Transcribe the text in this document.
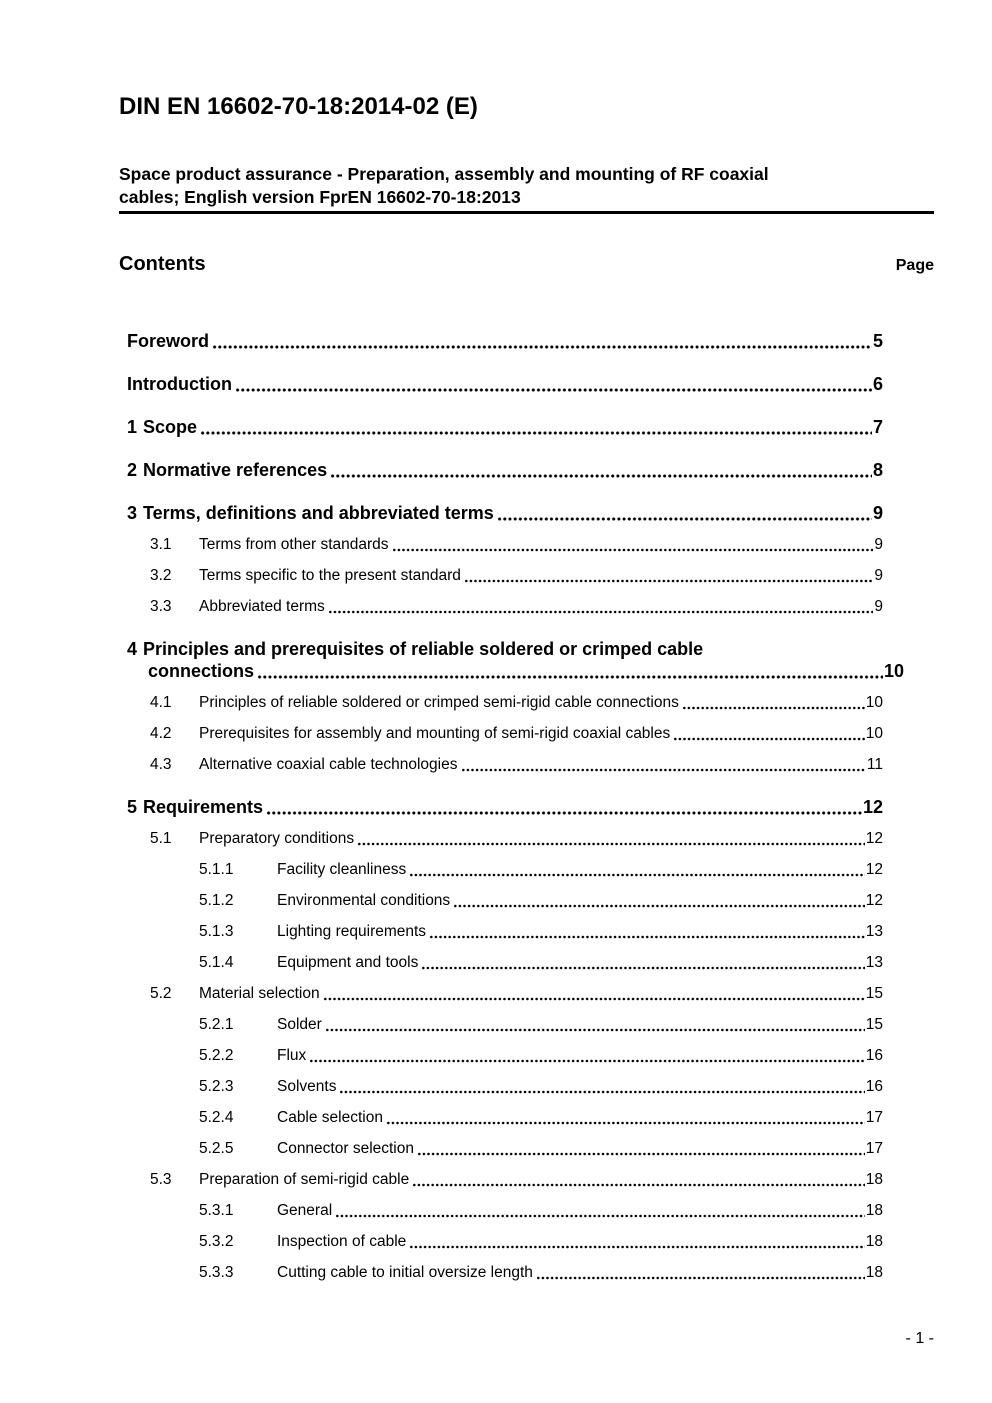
DIN EN 16602-70-18:2014-02 (E)
Space product assurance - Preparation, assembly and mounting of RF coaxial
cables; English version FprEN 16602-70-18:2013
Contents	Page
Foreword	5
Introduction	6
1 Scope	7
2 Normative references	8
3 Terms, definitions and abbreviated terms	9
3.1	Terms from other standards	9
3.2	Terms specific to the present standard	9
3.3	Abbreviated terms	9
4 Principles and prerequisites of reliable soldered or crimped cable
connections	10
4.1	Principles of reliable soldered or crimped semi-rigid cable connections	10
4.2	Prerequisites for assembly and mounting of semi-rigid coaxial cables	10
4.3	Alternative coaxial cable technologies	11
5 Requirements	12
5.1	Preparatory conditions	12
5.1.1	Facility cleanliness	12
5.1.2	Environmental conditions	12
5.1.3	Lighting requirements	13
5.1.4	Equipment and tools	13
5.2	Material selection	15
5.2.1	Solder	15
5.2.2	Flux	16
5.2.3	Solvents	16
5.2.4	Cable selection	17
5.2.5	Connector selection	17
5.3	Preparation of semi-rigid cable	18
5.3.1	General	18
5.3.2	Inspection of cable	18
5.3.3	Cutting cable to initial oversize length	18
- 1 -
